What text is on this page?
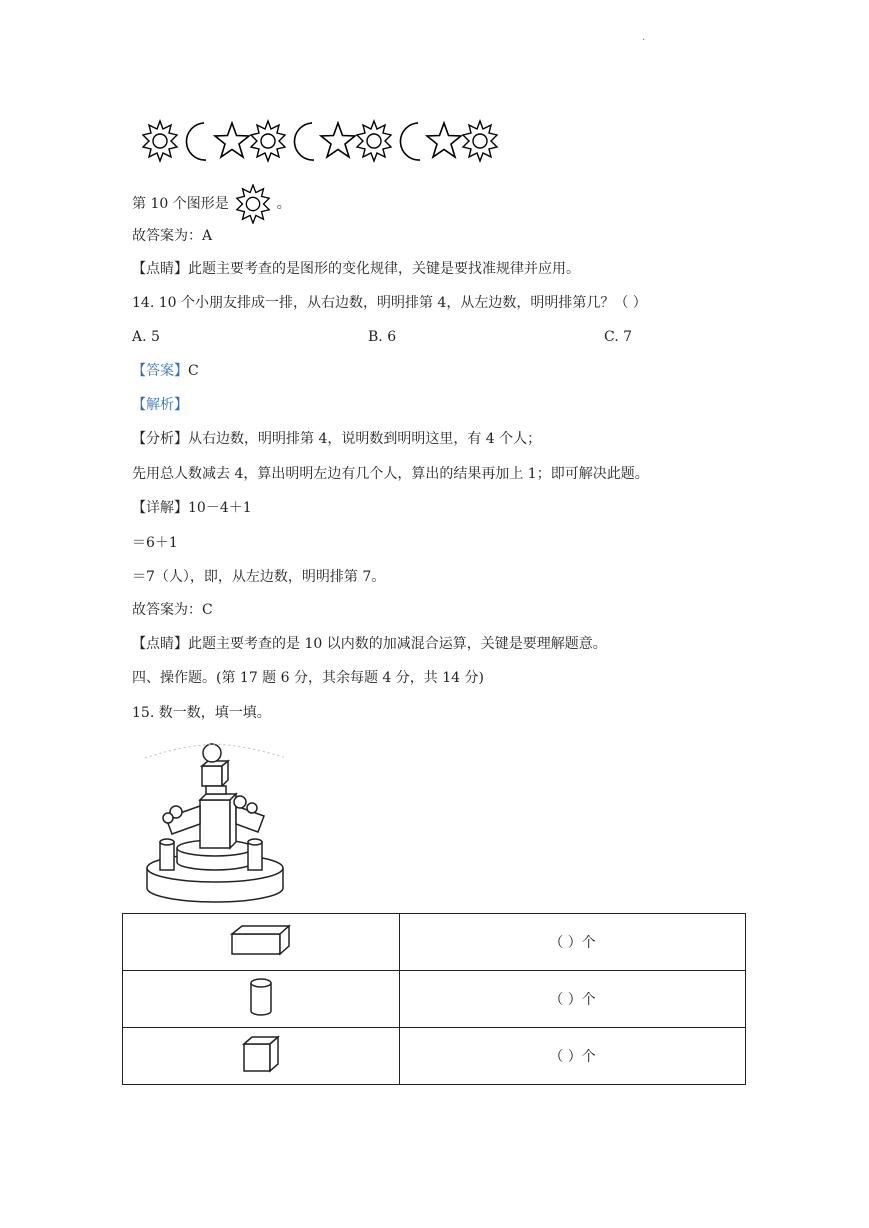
.
第 10 个图形是	。
故答案为：A
【点睛】此题主要考查的是图形的变化规律，关键是要找准规律并应用。
14. 10 个小朋友排成一排，从右边数，明明排第 4，从左边数，明明排第几？（ ）
A. 5	B. 6	C. 7
【答案】C
【解析】
【分析】从右边数，明明排第 4，说明数到明明这里，有 4 个人；
先用总人数减去 4，算出明明左边有几个人，算出的结果再加上 1；即可解决此题。
【详解】10－4＋1
＝6＋1
＝7（人），即，从左边数，明明排第 7。
故答案为：C
【点睛】此题主要考查的是 10 以内数的加减混合运算，关键是要理解题意。
四、操作题。(第 17 题 6 分，其余每题 4 分，共 14 分)
15. 数一数，填一填。
	（ ）个
	（ ）个
	（ ）个
